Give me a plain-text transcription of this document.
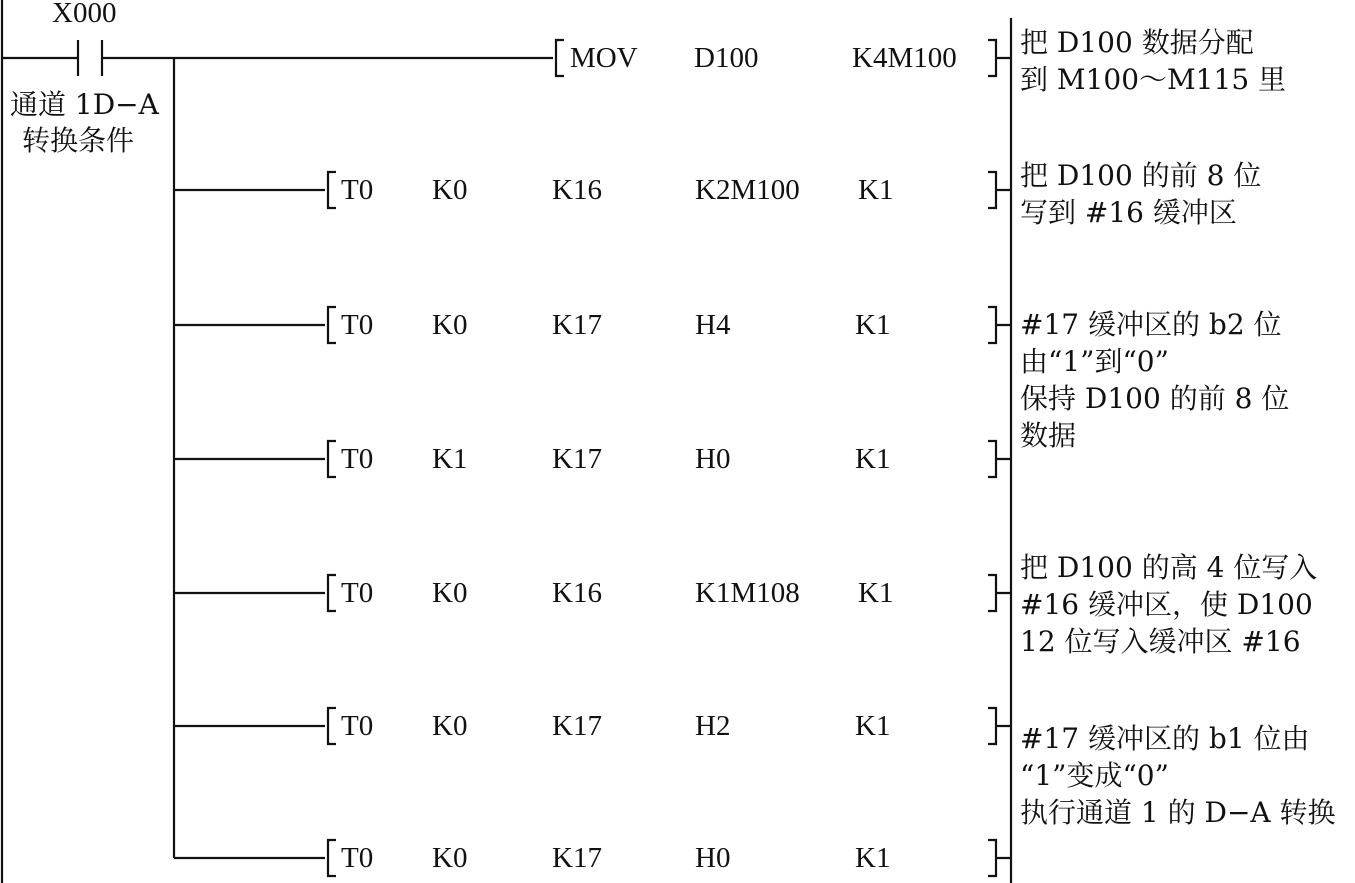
X000
通道 1D−A
转换条件
MOV D100	K4M100
T0 K0	K16	K2M100 K1
T0 K0	K17	H4	K1
T0 K1	K17	H0	K1
T0 K0	K16	K1M108 K1
T0 K0	K17	H2	K1
T0 K0	K17	H0	K1
把 D100 数据分配
到 M100～M115 里
把 D100 的前 8 位
写到 #16 缓冲区
#17 缓冲区的 b2 位
由“1”到“0”
保持 D100 的前 8 位
数据
把 D100 的高 4 位写入
#16 缓冲区，使 D100
12 位写入缓冲区 #16
#17 缓冲区的 b1 位由
“1”变成“0”
执行通道 1 的 D−A 转换
